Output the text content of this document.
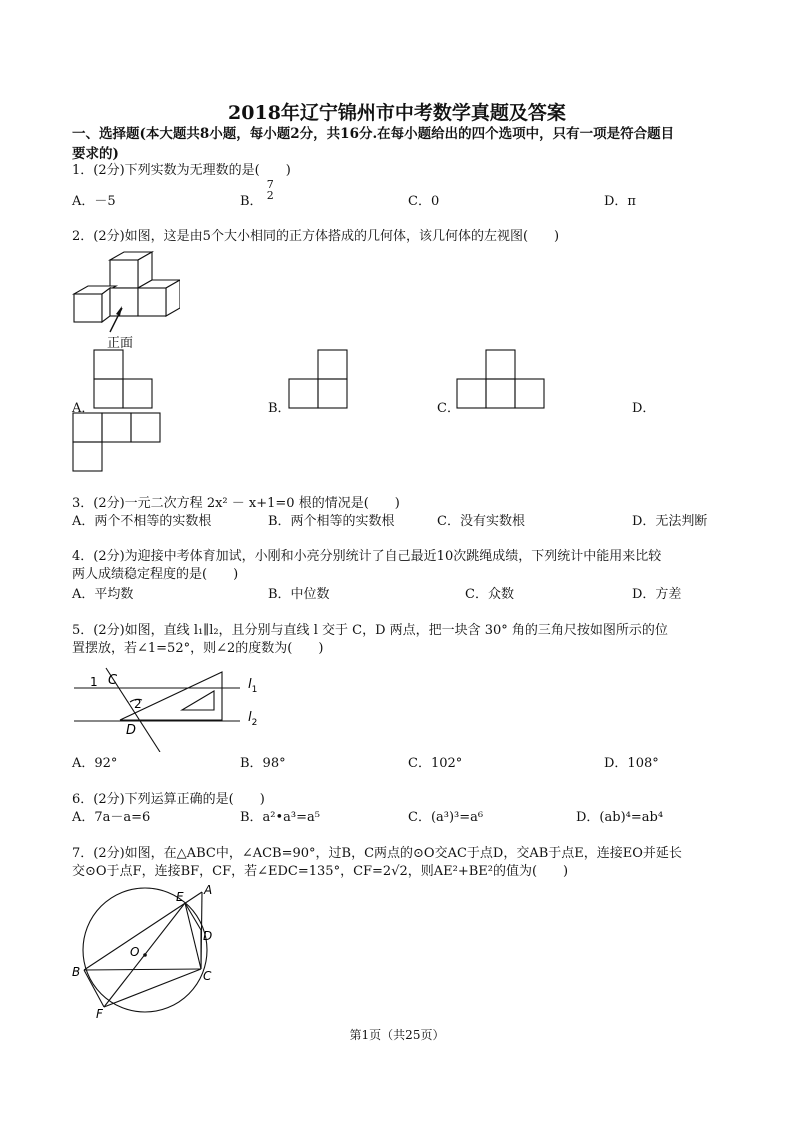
2018年辽宁锦州市中考数学真题及答案
一、选择题(本大题共8小题，每小题2分，共16分.在每小题给出的四个选项中，只有一项是符合题目
要求的)
1．(2分)下列实数为无理数的是(　　)
A．－5	B．
7
2	C．0	D．π
2．(2分)如图，这是由5个大小相同的正方体搭成的几何体，该几何体的左视图(　　)
正面
A．	B．	C．	D．
3．(2分)一元二次方程 2x² － x+1=0 根的情况是(　　)
A．两个不相等的实数根	B．两个相等的实数根	C．没有实数根	D．无法判断
4．(2分)为迎接中考体育加试，小刚和小亮分别统计了自己最近10次跳绳成绩，下列统计中能用来比较
两人成绩稳定程度的是(　　)
A．平均数	B．中位数	C．众数	D．方差
5．(2分)如图，直线 l₁∥l₂，且分别与直线 l 交于 C，D 两点，把一块含 30° 角的三角尺按如图所示的位
置摆放，若∠1=52°，则∠2的度数为(　　)
1 C
2
D
$l_1$
$l_2$
A．92°	B．98°	C．102°	D．108°
6．(2分)下列运算正确的是(　　)
A．7a－a=6	B．a²•a³=a⁵	C．(a³)³=a⁶	D．(ab)⁴=ab⁴
7．(2分)如图，在△ABC中，∠ACB=90°，过B，C两点的⊙O交AC于点D，交AB于点E，连接EO并延长
交⊙O于点F，连接BF，CF，若∠EDC=135°，CF=2√2，则AE²+BE²的值为(　　)
A
B	C
D
E
F
O
第1页（共25页）
